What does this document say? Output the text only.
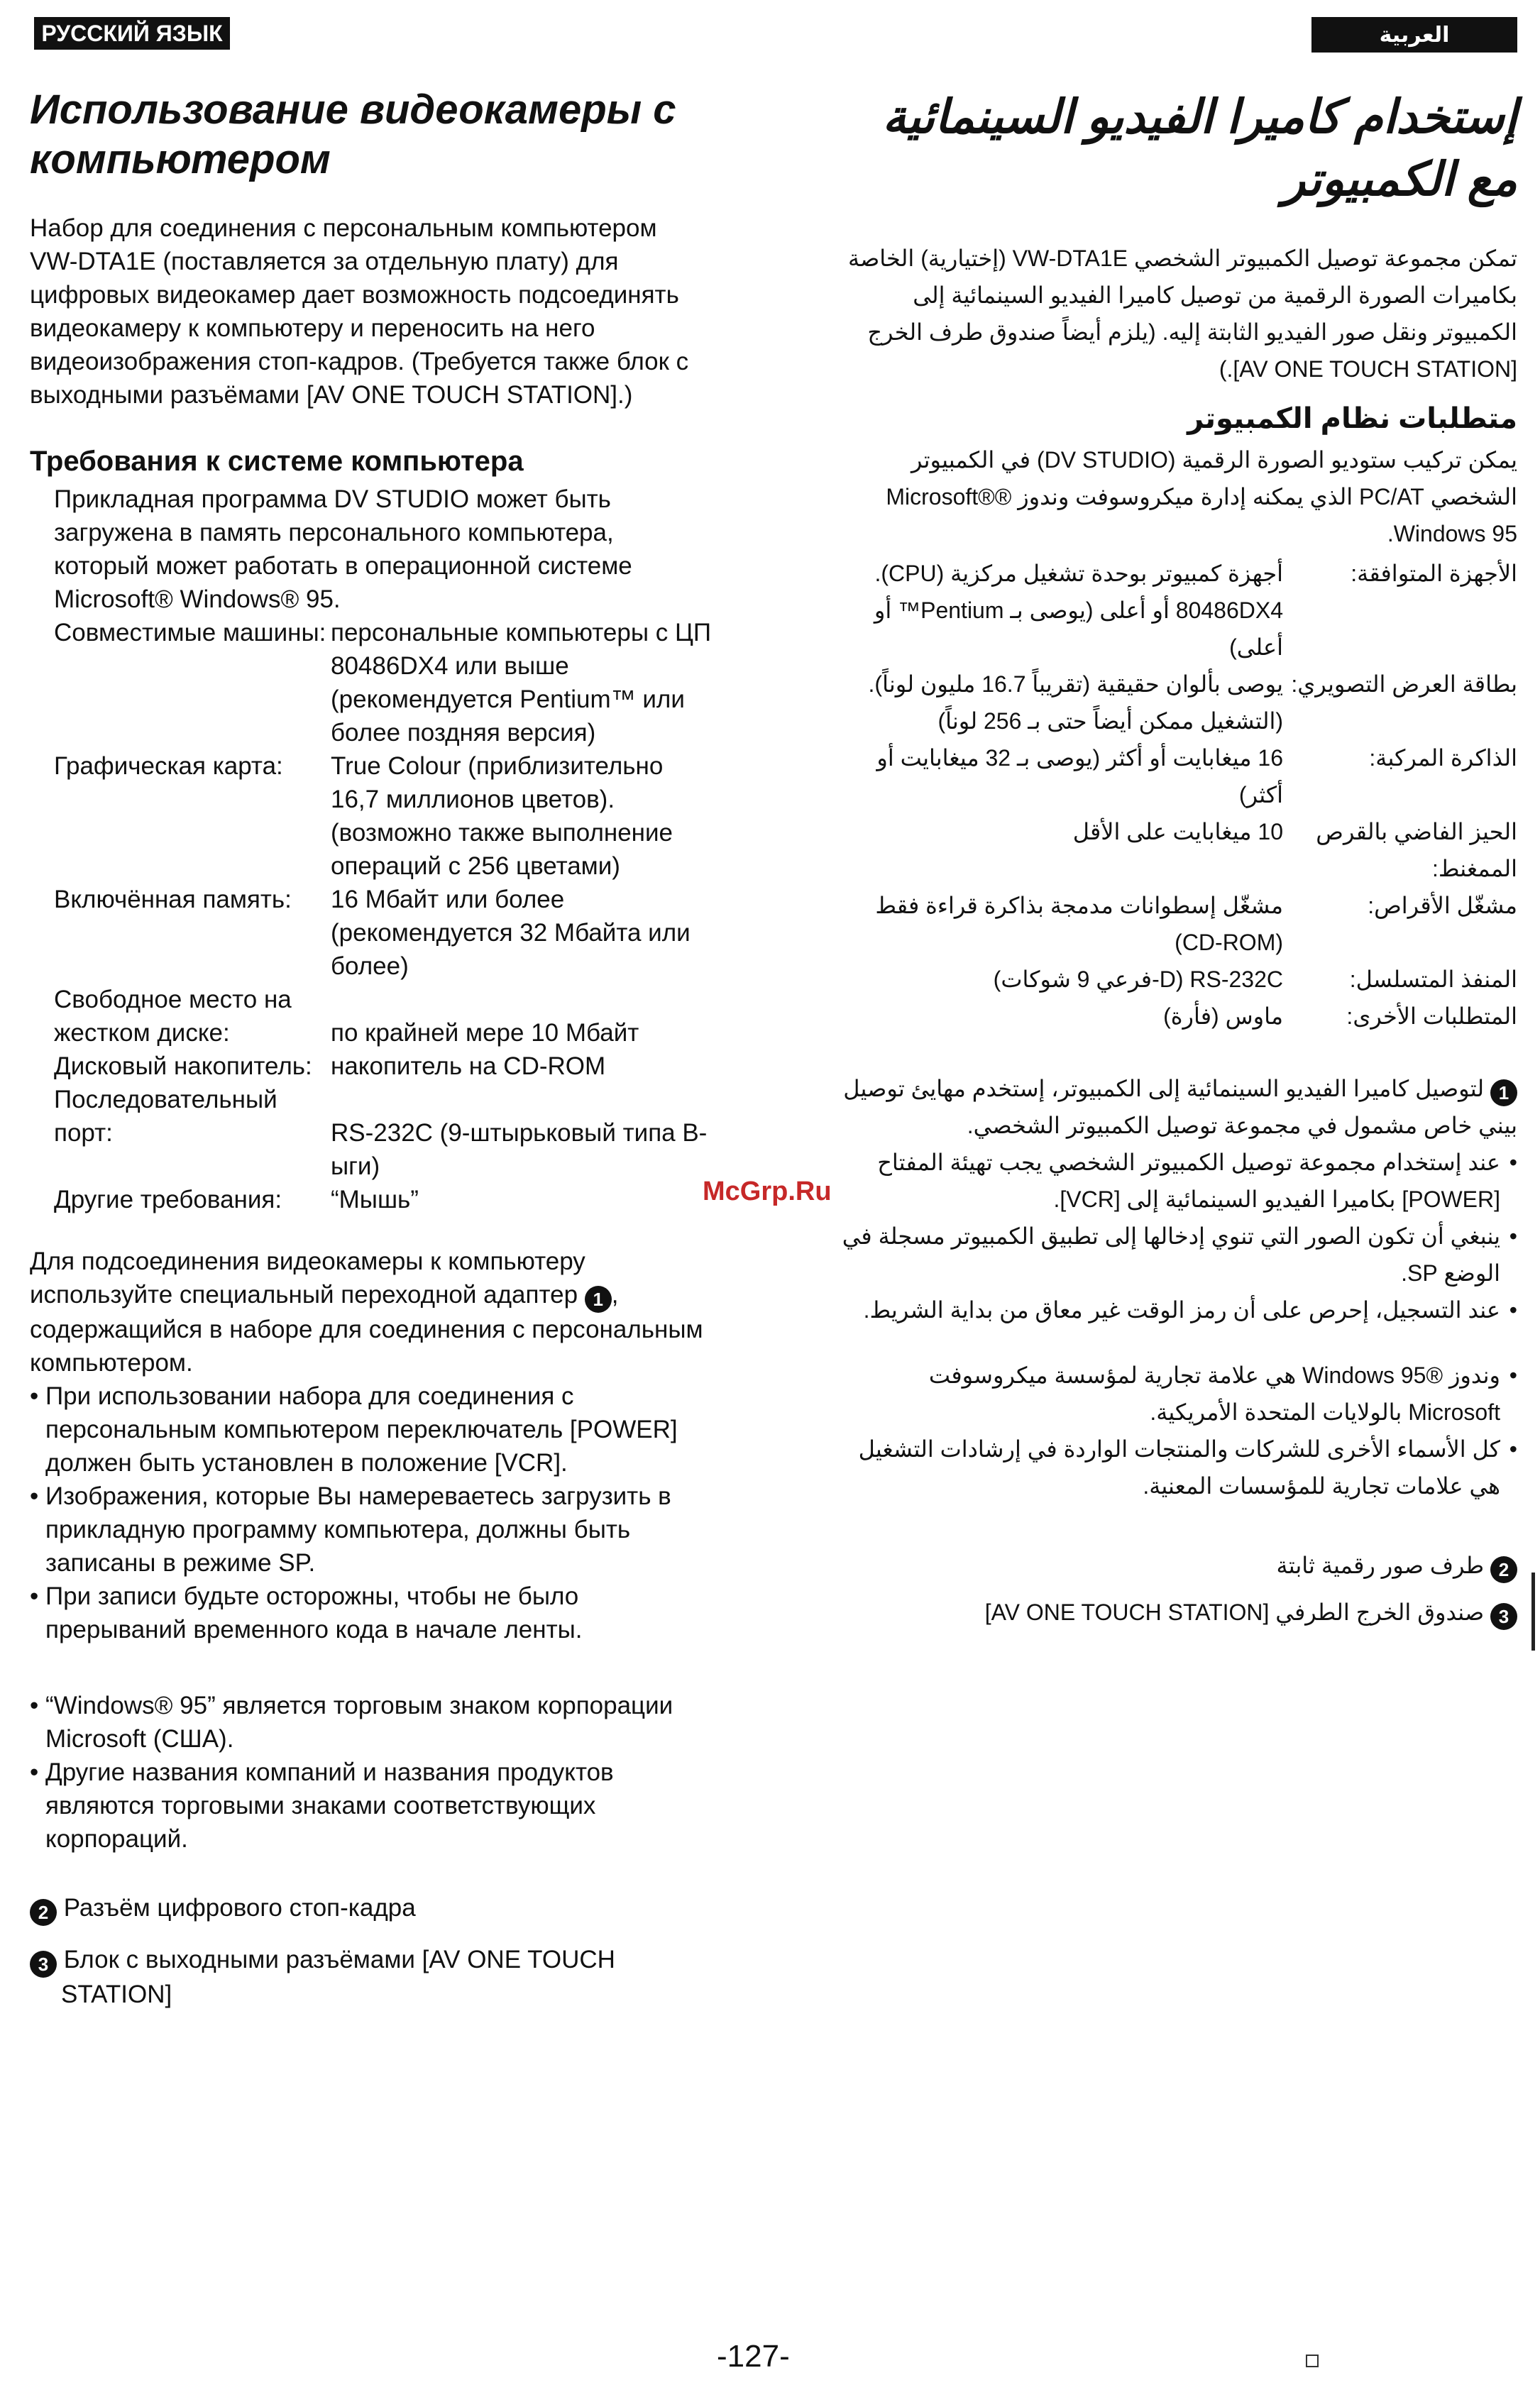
РУССКИЙ ЯЗЫК	العربية
Использование видеокамеры с компьютером

Набор для соединения с персональным компьютером VW-DTA1E (поставляется за отдельную плату) для цифровых видеокамер дает возможность подсоединять видеокамеру к компьютеру и переносить на него видеоизображения стоп-кадров. (Требуется также блок с выходными разъёмами [AV ONE TOUCH STATION].)

Требования к системе компьютера

Прикладная программа DV STUDIO может быть загружена в память персонального компьютера, который может работать в операционной системе Microsoft® Windows® 95.

Совместимые машины: персональные компьютеры с ЦП 80486DX4 или выше (рекомендуется Pentium™ или более поздняя версия)
Графическая карта:	True Colour (приблизительно 16,7 миллионов цветов). (возможно также выполнение операций с 256 цветами)
Включённая память:	16 Мбайт или более (рекомендуется 32 Мбайта или более)
Свободное место на жестком диске:	по крайней мере 10 Мбайт
Дисковый накопитель: накопитель на CD-ROM
Последовательный порт:	RS-232C (9-штырьковый типа B-ыги)
Другие требования:	“Мышь”

Для подсоединения видеокамеры к компьютеру используйте специальный переходной адаптер 1 , содержащийся в наборе для соединения с персональным компьютером.

• При использовании набора для соединения с персональным компьютером переключатель [POWER] должен быть установлен в положение [VCR].
• Изображения, которые Вы намереваетесь загрузить в прикладную программу компьютера, должны быть записаны в режиме SP.
• При записи будьте осторожны, чтобы не было прерываний временного кода в начале ленты.
• “Windows® 95” является торговым знаком корпорации Microsoft (США).
• Другие названия компаний и названия продуктов являются торговыми знаками соответствующих корпораций.
2 Разъём цифрового стоп-кадра
3 Блок с выходными разъёмами [AV ONE TOUCH STATION]
إستخدام كاميرا الفيديو السينمائية مع الكمبيوتر

تمكن مجموعة توصيل الكمبيوتر الشخصي VW-DTA1E (إختيارية) الخاصة بكاميرات الصورة الرقمية من توصيل كاميرا الفيديو السينمائية إلى الكمبيوتر ونقل صور الفيديو الثابتة إليه. (يلزم أيضاً صندوق طرف الخرج [AV ONE TOUCH STATION].)

متطلبات نظام الكمبيوتر

يمكن تركيب ستوديو الصورة الرقمية (DV STUDIO) في الكمبيوتر الشخصي PC/AT الذي يمكنه إدارة ميكروسوفت وندوز ®Microsoft® Windows 95.

الأجهزة المتوافقة:
أجهزة كمبيوتر بوحدة تشغيل مركزية (CPU). 80486DX4 أو أعلى (يوصى بـ Pentium™ أو أعلى)
بطاقة العرض التصويري:
يوصى بألوان حقيقية (تقريباً 16.7 مليون لوناً). (التشغيل ممكن أيضاً حتى بـ 256 لوناً)
الذاكرة المركبة:
16 ميغابايت أو أكثر (يوصى بـ 32 ميغابايت أو أكثر)
الحيز الفاضي بالقرص الممغنط:
10 ميغابايت على الأقل
مشغّل الأقراص:
مشغّل إسطوانات مدمجة بذاكرة قراءة فقط (CD-ROM)
المنفذ المتسلسل:
RS-232C (D-فرعي 9 شوكات)
المتطلبات الأخرى:
ماوس (فأرة)

1 لتوصيل كاميرا الفيديو السينمائية إلى الكمبيوتر، إستخدم مهايئ توصيل بيني خاص مشمول في مجموعة توصيل الكمبيوتر الشخصي.

• عند إستخدام مجموعة توصيل الكمبيوتر الشخصي يجب تهيئة المفتاح [POWER] بكاميرا الفيديو السينمائية إلى [VCR].
• ينبغي أن تكون الصور التي تنوي إدخالها إلى تطبيق الكمبيوتر مسجلة في الوضع SP.
• عند التسجيل، إحرص على أن رمز الوقت غير معاق من بداية الشريط.
• وندوز ®Windows 95 هي علامة تجارية لمؤسسة ميكروسوفت Microsoft بالولايات المتحدة الأمريكية.
• كل الأسماء الأخرى للشركات والمنتجات الواردة في إرشادات التشغيل هي علامات تجارية للمؤسسات المعنية.
2 طرف صور رقمية ثابتة
3 صندوق الخرج الطرفي [AV ONE TOUCH STATION]
McGrp.Ru
-127-
